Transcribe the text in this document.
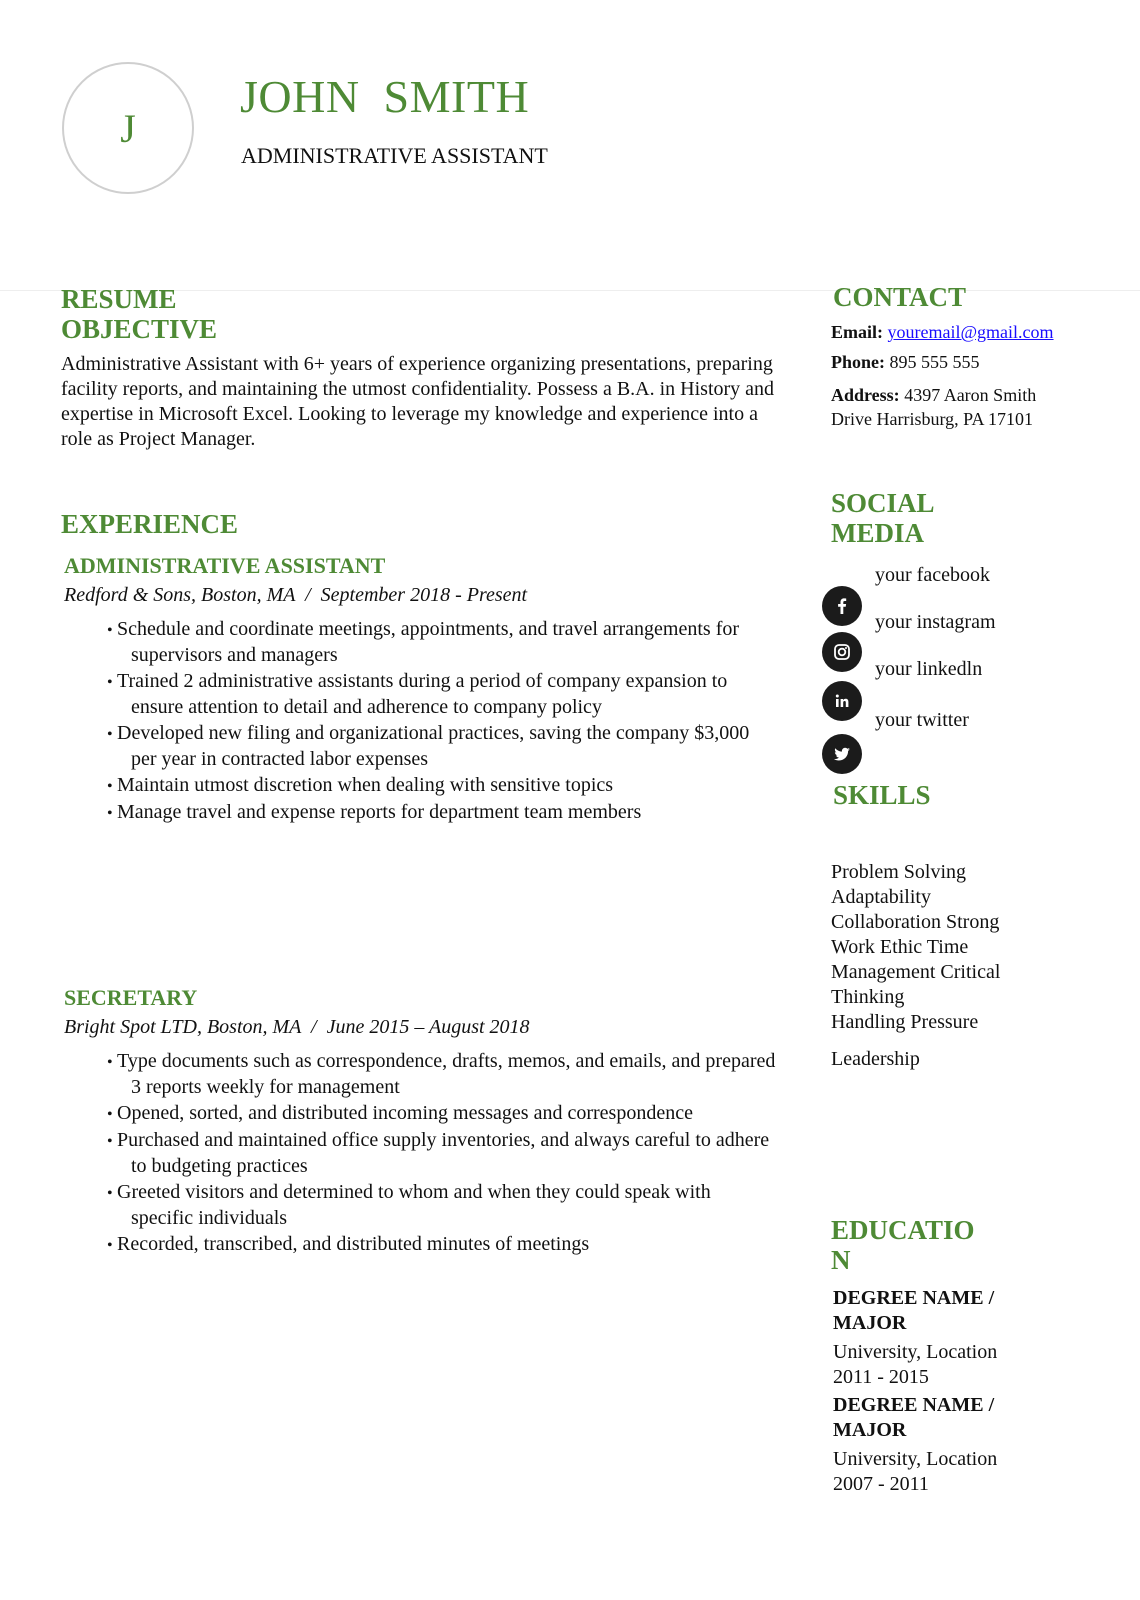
J
JOHN  SMITH
ADMINISTRATIVE ASSISTANT
RESUME
OBJECTIVE
Administrative Assistant with 6+ years of experience organizing presentations, preparing facility reports, and maintaining the utmost confidentiality. Possess a B.A. in History and expertise in Microsoft Excel. Looking to leverage my knowledge and experience into a role as Project Manager.
EXPERIENCE
ADMINISTRATIVE ASSISTANT
Redford & Sons, Boston, MA  /  September 2018 - Present
• Schedule and coordinate meetings, appointments, and travel arrangements for supervisors and managers
• Trained 2 administrative assistants during a period of company expansion to ensure attention to detail and adherence to company policy
• Developed new filing and organizational practices, saving the company $3,000 per year in contracted labor expenses
• Maintain utmost discretion when dealing with sensitive topics
• Manage travel and expense reports for department team members
SECRETARY
Bright Spot LTD, Boston, MA  /  June 2015 – August 2018
• Type documents such as correspondence, drafts, memos, and emails, and prepared 3 reports weekly for management
• Opened, sorted, and distributed incoming messages and correspondence
• Purchased and maintained office supply inventories, and always careful to adhere to budgeting practices
• Greeted visitors and determined to whom and when they could speak with specific individuals
• Recorded, transcribed, and distributed minutes of meetings
CONTACT
Email: youremail@gmail.com
Phone: 895 555 555
Address: 4397 Aaron Smith
Drive Harrisburg, PA 17101
SOCIAL
MEDIA
your facebook
your instagram
your linkedln
your twitter
SKILLS
Problem Solving
Adaptability
Collaboration Strong
Work Ethic Time
Management Critical
Thinking
Handling Pressure
Leadership
EDUCATIO
N
DEGREE NAME /
MAJOR
University, Location
2011 - 2015
DEGREE NAME /
MAJOR
University, Location
2007 - 2011
